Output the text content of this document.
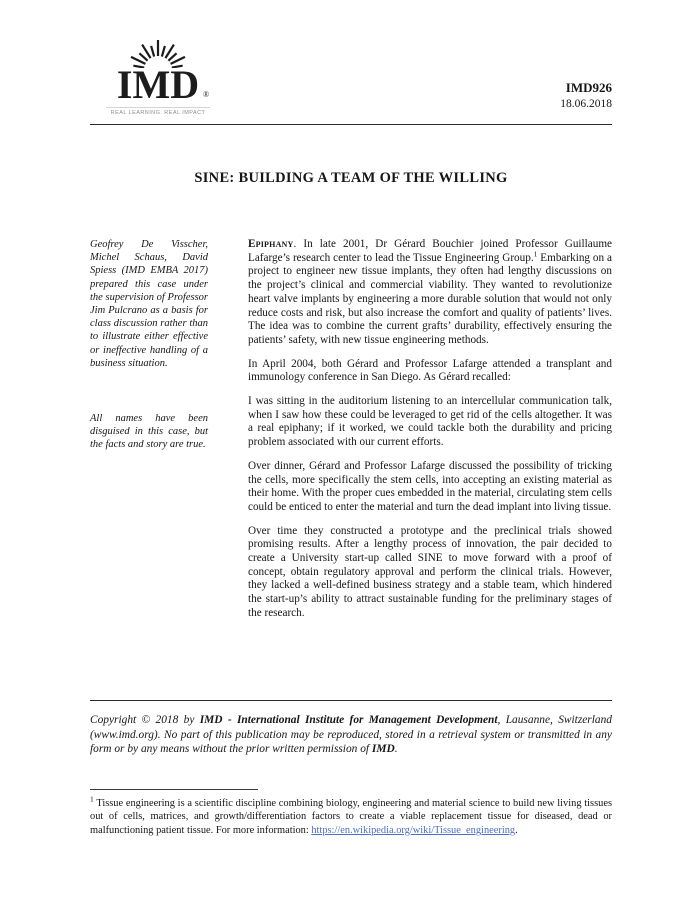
IMD ®
REAL LEARNING. REAL IMPACT
IMD926
18.06.2018
SINE: BUILDING A TEAM OF THE WILLING

Geofrey De Visscher, Michel Schaus, David Spiess (IMD EMBA 2017) prepared this case under the supervision of Professor Jim Pulcrano as a basis for class discussion rather than to illustrate either effective or ineffective handling of a business situation.

All names have been disguised in this case, but the facts and story are true.

Epiphany. In late 2001, Dr Gérard Bouchier joined Professor Guillaume Lafarge’s research center to lead the Tissue Engineering Group.$^1$ Embarking on a project to engineer new tissue implants, they often had lengthy discussions on the project’s clinical and commercial viability. They wanted to revolutionize heart valve implants by engineering a more durable solution that would not only reduce costs and risk, but also increase the comfort and quality of patients’ lives. The idea was to combine the current grafts’ durability, effectively ensuring the patients’ safety, with new tissue engineering methods.

In April 2004, both Gérard and Professor Lafarge attended a transplant and immunology conference in San Diego. As Gérard recalled:

I was sitting in the auditorium listening to an intercellular communication talk, when I saw how these could be leveraged to get rid of the cells altogether. It was a real epiphany; if it worked, we could tackle both the durability and pricing problem associated with our current efforts.

Over dinner, Gérard and Professor Lafarge discussed the possibility of tricking the cells, more specifically the stem cells, into accepting an existing material as their home. With the proper cues embedded in the material, circulating stem cells could be enticed to enter the material and turn the dead implant into living tissue.

Over time they constructed a prototype and the preclinical trials showed promising results. After a lengthy process of innovation, the pair decided to create a University start-up called SINE to move forward with a proof of concept, obtain regulatory approval and perform the clinical trials. However, they lacked a well-defined business strategy and a stable team, which hindered the start-up’s ability to attract sustainable funding for the preliminary stages of the research.

Copyright © 2018 by IMD - International Institute for Management Development, Lausanne, Switzerland (www.imd.org). No part of this publication may be reproduced, stored in a retrieval system or transmitted in any form or by any means without the prior written permission of IMD.

$^1$ Tissue engineering is a scientific discipline combining biology, engineering and material science to build new living tissues out of cells, matrices, and growth/differentiation factors to create a viable replacement tissue for diseased, dead or malfunctioning patient tissue. For more information: https://en.wikipedia.org/wiki/Tissue_engineering.
